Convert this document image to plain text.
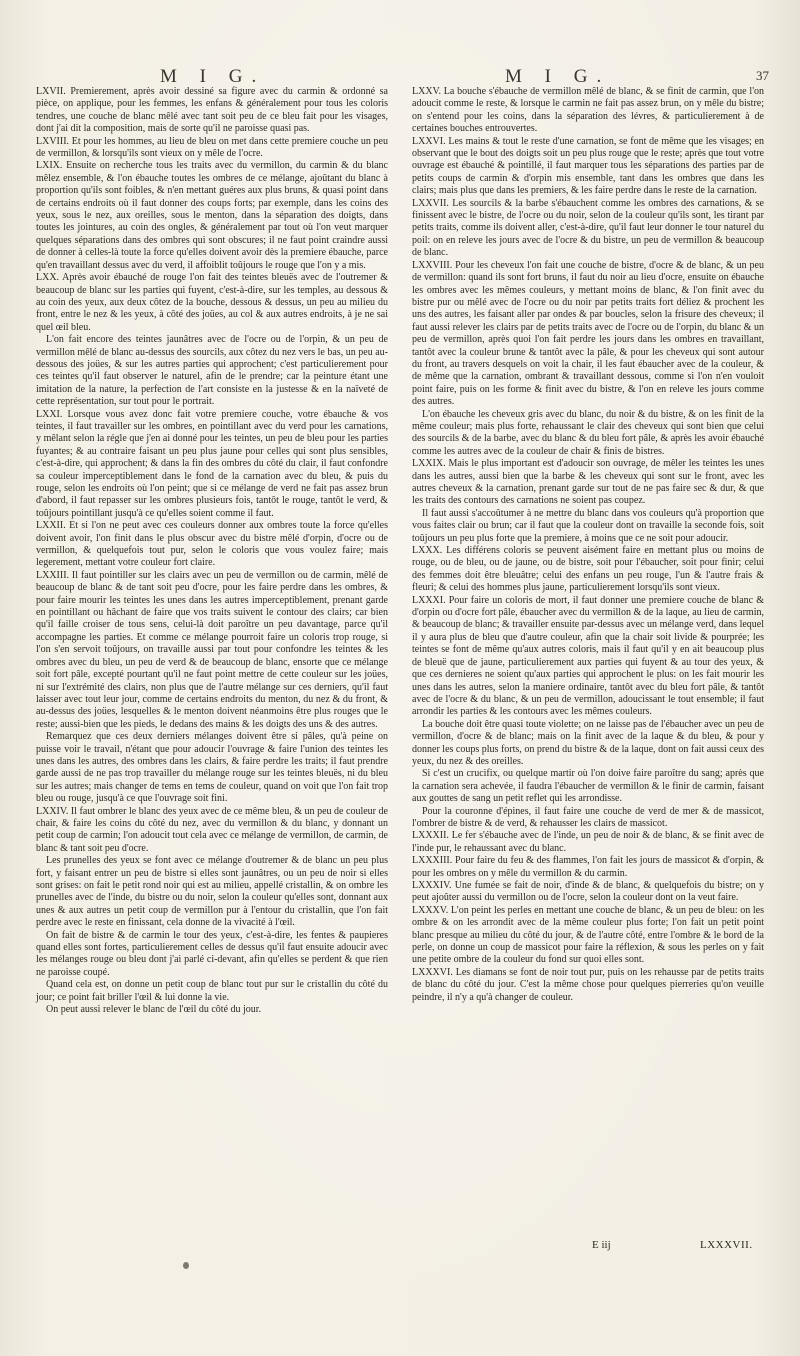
M I G.	M I G.	37

LXVII. Premierement, après avoir dessiné sa figure avec du carmin & ordonné sa pièce, on applique, pour les femmes, les enfans & généralement pour tous les coloris tendres, une couche de blanc mêlé avec tant soit peu de ce bleu fait pour les visages, dont j'ai dit la composition, mais de sorte qu'il ne paroisse quasi pas.

LXVIII. Et pour les hommes, au lieu de bleu on met dans cette premiere couche un peu de vermillon, & lorsqu'ils sont vieux on y mêle de l'ocre.

LXIX. Ensuite on recherche tous les traits avec du vermillon, du carmin & du blanc mêlez ensemble, & l'on ébauche toutes les ombres de ce mélange, ajoûtant du blanc à proportion qu'ils sont foibles, & n'en mettant guéres aux plus bruns, & quasi point dans de certains endroits où il faut donner des coups forts; par exemple, dans les coins des yeux, sous le nez, aux oreilles, sous le menton, dans la séparation des doigts, dans toutes les jointures, au coin des ongles, & généralement par tout où l'on veut marquer quelques séparations dans des ombres qui sont obscures; il ne faut point craindre aussi de donner à celles-là toute la force qu'elles doivent avoir dès la premiere ébauche, parce qu'en travaillant dessus avec du verd, il affoiblit toûjours le rouge que l'on y a mis.

LXX. Après avoir ébauché de rouge l'on fait des teintes bleuës avec de l'outremer & beaucoup de blanc sur les parties qui fuyent, c'est-à-dire, sur les temples, au dessous & au coin des yeux, aux deux côtez de la bouche, dessous & dessus, un peu au milieu du front, entre le nez & les yeux, à côté des joües, au col & aux autres endroits, à je ne sai quel œil bleu.

L'on fait encore des teintes jaunâtres avec de l'ocre ou de l'orpin, & un peu de vermillon mêlé de blanc au-dessus des sourcils, aux côtez du nez vers le bas, un peu au-dessous des joües, & sur les autres parties qui approchent; c'est particulierement pour ces teintes qu'il faut observer le naturel, afin de le prendre; car la peinture étant une imitation de la nature, la perfection de l'art consiste en la justesse & en la naïveté de cette représentation, sur tout pour le portrait.

LXXI. Lorsque vous avez donc fait votre premiere couche, votre ébauche & vos teintes, il faut travailler sur les ombres, en pointillant avec du verd pour les carnations, y mêlant selon la régle que j'en ai donné pour les teintes, un peu de bleu pour les parties fuyantes; & au contraire faisant un peu plus jaune pour celles qui sont plus sensibles, c'est-à-dire, qui approchent; & dans la fin des ombres du côté du clair, il faut confondre sa couleur imperceptiblement dans le fond de la carnation avec du bleu, & puis du rouge, selon les endroits où l'on peint; que si ce mélange de verd ne fait pas assez brun d'abord, il faut repasser sur les ombres plusieurs fois, tantôt le rouge, tantôt le verd, & toûjours pointillant jusqu'à ce qu'elles soient comme il faut.

LXXII. Et si l'on ne peut avec ces couleurs donner aux ombres toute la force qu'elles doivent avoir, l'on finit dans le plus obscur avec du bistre mêlé d'orpin, d'ocre ou de vermillon, & quelquefois tout pur, selon le coloris que vous voulez faire; mais legerement, mettant votre couleur fort claire.

LXXIII. Il faut pointiller sur les clairs avec un peu de vermillon ou de carmin, mêlé de beaucoup de blanc & de tant soit peu d'ocre, pour les faire perdre dans les ombres, & pour faire mourir les teintes les unes dans les autres imperceptiblement, prenant garde en pointillant ou hâchant de faire que vos traits suivent le contour des clairs; car bien qu'il faille croiser de tous sens, celui-là doit paroître un peu davantage, parce qu'il accompagne les parties. Et comme ce mélange pourroit faire un coloris trop rouge, si l'on s'en servoit toûjours, on travaille aussi par tout pour confondre les teintes & les ombres avec du bleu, un peu de verd & de beaucoup de blanc, ensorte que ce mélange soit fort pâle, excepté pourtant qu'il ne faut point mettre de cette couleur sur les joües, ni sur l'extrémité des clairs, non plus que de l'autre mélange sur ces derniers, qu'il faut laisser avec tout leur jour, comme de certains endroits du menton, du nez & du front, & au-dessus des joües, lesquelles & le menton doivent néanmoins être plus rouges que le reste; aussi-bien que les pieds, le dedans des mains & les doigts des uns & des autres.

Remarquez que ces deux derniers mélanges doivent être si pâles, qu'à peine on puisse voir le travail, n'étant que pour adoucir l'ouvrage & faire l'union des teintes les unes dans les autres, des ombres dans les clairs, & faire perdre les traits; il faut prendre garde aussi de ne pas trop travailler du mélange rouge sur les teintes bleuës, ni du bleu sur les autres; mais changer de tems en tems de couleur, quand on voit que l'on fait trop bleu ou rouge, jusqu'à ce que l'ouvrage soit fini.

LXXIV. Il faut ombrer le blanc des yeux avec de ce même bleu, & un peu de couleur de chair, & faire les coins du côté du nez, avec du vermillon & du blanc, y donnant un petit coup de carmin; l'on adoucit tout cela avec ce mélange de vermillon, de carmin, de blanc & tant soit peu d'ocre.

Les prunelles des yeux se font avec ce mélange d'outremer & de blanc un peu plus fort, y faisant entrer un peu de bistre si elles sont jaunâtres, ou un peu de noir si elles sont grises: on fait le petit rond noir qui est au milieu, appellé cristallin, & on ombre les prunelles avec de l'inde, du bistre ou du noir, selon la couleur qu'elles sont, donnant aux unes & aux autres un petit coup de vermillon pur à l'entour du cristallin, que l'on fait perdre avec le reste en finissant, cela donne de la vivacité à l'œil.

On fait de bistre & de carmin le tour des yeux, c'est-à-dire, les fentes & paupieres quand elles sont fortes, particulierement celles de dessus qu'il faut ensuite adoucir avec les mélanges rouge ou bleu dont j'ai parlé ci-devant, afin qu'elles se perdent & que rien ne paroisse coupé.

Quand cela est, on donne un petit coup de blanc tout pur sur le cristallin du côté du jour; ce point fait briller l'œil & lui donne la vie.

On peut aussi relever le blanc de l'œil du côté du jour.

LXXV. La bouche s'ébauche de vermillon mêlé de blanc, & se finit de carmin, que l'on adoucit comme le reste, & lorsque le carmin ne fait pas assez brun, on y mêle du bistre; on s'entend pour les coins, dans la séparation des lévres, & particulierement à de certaines bouches entrouvertes.

LXXVI. Les mains & tout le reste d'une carnation, se font de même que les visages; en observant que le bout des doigts soit un peu plus rouge que le reste; après que tout votre ouvrage est ébauché & pointillé, il faut marquer tous les séparations des parties par de petits coups de carmin & d'orpin mis ensemble, tant dans les ombres que dans les clairs; mais plus que dans les premiers, & les faire perdre dans le reste de la carnation.

LXXVII. Les sourcils & la barbe s'ébauchent comme les ombres des carnations, & se finissent avec le bistre, de l'ocre ou du noir, selon de la couleur qu'ils sont, les tirant par petits traits, comme ils doivent aller, c'est-à-dire, qu'il faut leur donner le tour naturel du poil: on en releve les jours avec de l'ocre & du bistre, un peu de vermillon & beaucoup de blanc.

LXXVIII. Pour les cheveux l'on fait une couche de bistre, d'ocre & de blanc, & un peu de vermillon: quand ils sont fort bruns, il faut du noir au lieu d'ocre, ensuite on ébauche les ombres avec les mêmes couleurs, y mettant moins de blanc, & l'on finit avec du bistre pur ou mêlé avec de l'ocre ou du noir par petits traits fort déliez & prochent les uns des autres, les faisant aller par ondes & par boucles, selon la frisure des cheveux; il faut aussi relever les clairs par de petits traits avec de l'ocre ou de l'orpin, du blanc & un peu de vermillon, après quoi l'on fait perdre les jours dans les ombres en travaillant, tantôt avec la couleur brune & tantôt avec la pâle, & pour les cheveux qui sont autour du front, au travers desquels on voit la chair, il les faut ébaucher avec de la couleur, & de même que la carnation, ombrant & travaillant dessous, comme si l'on n'en vouloit point faire, puis on les forme & finit avec du bistre, & l'on en releve les jours comme des autres.

L'on ébauche les cheveux gris avec du blanc, du noir & du bistre, & on les finit de la même couleur; mais plus forte, rehaussant le clair des cheveux qui sont bien que celui des sourcils & de la barbe, avec du blanc & du bleu fort pâle, & après les avoir ébauché comme les autres avec de la couleur de chair & finis de bistres.

LXXIX. Mais le plus important est d'adoucir son ouvrage, de mêler les teintes les unes dans les autres, aussi bien que la barbe & les cheveux qui sont sur le front, avec les autres cheveux & la carnation, prenant garde sur tout de ne pas faire sec & dur, & que les traits des contours des carnations ne soient pas coupez.

Il faut aussi s'accoûtumer à ne mettre du blanc dans vos couleurs qu'à proportion que vous faites clair ou brun; car il faut que la couleur dont on travaille la seconde fois, soit toûjours un peu plus forte que la premiere, à moins que ce ne soit pour adoucir.

LXXX. Les différens coloris se peuvent aisément faire en mettant plus ou moins de rouge, ou de bleu, ou de jaune, ou de bistre, soit pour l'ébaucher, soit pour finir; celui des femmes doit être bleuâtre; celui des enfans un peu rouge, l'un & l'autre frais & fleuri; & celui des hommes plus jaune, particulierement lorsqu'ils sont vieux.

LXXXI. Pour faire un coloris de mort, il faut donner une premiere couche de blanc & d'orpin ou d'ocre fort pâle, ébaucher avec du vermillon & de la laque, au lieu de carmin, & beaucoup de blanc; & travailler ensuite par-dessus avec un mélange verd, dans lequel il y aura plus de bleu que d'autre couleur, afin que la chair soit livide & pourprée; les teintes se font de même qu'aux autres coloris, mais il faut qu'il y en ait beaucoup plus de bleuë que de jaune, particulierement aux parties qui fuyent & au tour des yeux, & que ces dernieres ne soient qu'aux parties qui approchent le plus: on les fait mourir les unes dans les autres, selon la maniere ordinaire, tantôt avec du bleu fort pâle, & tantôt avec de l'ocre & du blanc, & un peu de vermillon, adoucissant le tout ensemble; il faut arrondir les parties & les contours avec les mêmes couleurs.

La bouche doit être quasi toute violette; on ne laisse pas de l'ébaucher avec un peu de vermillon, d'ocre & de blanc; mais on la finit avec de la laque & du bleu, & pour y donner les coups plus forts, on prend du bistre & de la laque, dont on fait aussi ceux des yeux, du nez & des oreilles.

Si c'est un crucifix, ou quelque martir où l'on doive faire paroître du sang; après que la carnation sera achevée, il faudra l'ébaucher de vermillon & le finir de carmin, faisant aux gouttes de sang un petit reflet qui les arrondisse.

Pour la couronne d'épines, il faut faire une couche de verd de mer & de massicot, l'ombrer de bistre & de verd, & rehausser les clairs de massicot.

LXXXII. Le fer s'ébauche avec de l'inde, un peu de noir & de blanc, & se finit avec de l'inde pur, le rehaussant avec du blanc.

LXXXIII. Pour faire du feu & des flammes, l'on fait les jours de massicot & d'orpin, & pour les ombres on y mêle du vermillon & du carmin.

LXXXIV. Une fumée se fait de noir, d'inde & de blanc, & quelquefois du bistre; on y peut ajoûter aussi du vermillon ou de l'ocre, selon la couleur dont on la veut faire.

LXXXV. L'on peint les perles en mettant une couche de blanc, & un peu de bleu: on les ombre & on les arrondit avec de la même couleur plus forte; l'on fait un petit point blanc presque au milieu du côté du jour, & de l'autre côté, entre l'ombre & le bord de la perle, on donne un coup de massicot pour faire la réflexion, & sous les perles on y fait une petite ombre de la couleur du fond sur quoi elles sont.

LXXXVI. Les diamans se font de noir tout pur, puis on les rehausse par de petits traits de blanc du côté du jour. C'est la même chose pour quelques pierreries qu'on veuille peindre, il n'y a qu'à changer de couleur.

E iij	LXXXVII.
